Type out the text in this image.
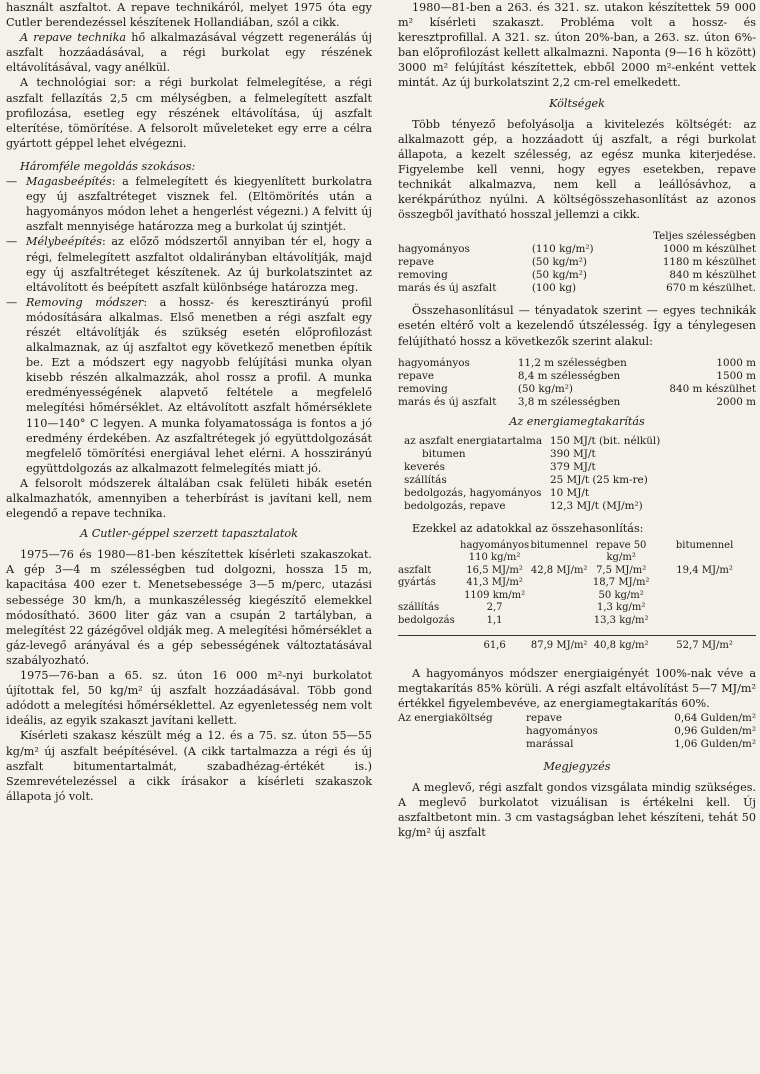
használt aszfaltot. A repave technikáról, melyet 1975 óta egy Cutler berendezéssel készítenek Hollandiában, szól a cikk.

A repave technika hő alkalmazásával végzett regenerálás új aszfalt hozzáadásával, a régi burkolat egy részének eltávolításával, vagy anélkül.

A technológiai sor: a régi burkolat felmelegítése, a régi aszfalt fellazítás 2,5 cm mélységben, a felmelegített aszfalt profilozása, esetleg egy részének eltávolítása, új aszfalt elterítése, tömörítése. A felsorolt műveleteket egy erre a célra gyártott géppel lehet elvégezni.

Háromféle megoldás szokásos:

— Magasbeépítés: a felmelegített és kiegyenlített burkolatra egy új aszfaltréteget visznek fel. (Eltömörítés után a hagyományos módon lehet a hengerlést végezni.) A felvitt új aszfalt mennyisége határozza meg a burkolat új szintjét.

— Mélybeépítés: az előző módszertől annyiban tér el, hogy a régi, felmelegített aszfaltot oldalirányban eltávolítják, majd egy új aszfaltréteget készítenek. Az új burkolatszintet az eltávolított és beépített aszfalt különbsége határozza meg.

— Removing módszer: a hossz- és keresztirányú profil módosítására alkalmas. Első menetben a régi aszfalt egy részét eltávolítják és szükség esetén előprofilozást alkalmaznak, az új aszfaltot egy következő menetben építik be. Ezt a módszert egy nagyobb felújítási munka olyan kisebb részén alkalmazzák, ahol rossz a profil. A munka eredményességének alapvető feltétele a megfelelő melegítési hőmérséklet. Az eltávolított aszfalt hőmérséklete 110—140° C legyen. A munka folyamatossága is fontos a jó eredmény érdekében. Az aszfaltrétegek jó együttdolgozását megfelelő tömörítési energiával lehet elérni. A hosszirányú együttdolgozás az alkalmazott felmelegítés miatt jó.

A felsorolt módszerek általában csak felületi hibák esetén alkalmazhatók, amennyiben a teherbírást is javítani kell, nem elegendő a repave technika.

A Cutler-géppel szerzett tapasztalatok

1975—76 és 1980—81-ben készítettek kísérleti szakaszokat. A gép 3—4 m szélességben tud dolgozni, hossza 15 m, kapacitása 400 ezer t. Menetsebessége 3—5 m/perc, utazási sebessége 30 km/h, a munkaszélesség kiegészítő elemekkel módosítható. 3600 liter gáz van a csupán 2 tartályban, a melegítést 22 gázégővel oldják meg. A melegítési hőmérséklet a gáz-levegő arányával és a gép sebességének változtatásával szabályozható.

1975—76-ban a 65. sz. úton 16 000 m²-nyi burkolatot újítottak fel, 50 kg/m² új aszfalt hozzáadásával. Több gond adódott a melegítési hőmérséklettel. Az egyenletesség nem volt ideális, az egyik szakaszt javítani kellett.

Kísérleti szakasz készült még a 12. és a 75. sz. úton 55—55 kg/m² új aszfalt beépítésével. (A cikk tartalmazza a régi és új aszfalt bitumentartalmát, szabadhézag-értékét is.) Szemrevételezéssel a cikk írásakor a kísérleti szakaszok állapota jó volt.

1980—81-ben a 263. és 321. sz. utakon készítettek 59 000 m² kísérleti szakaszt. Probléma volt a hossz- és keresztprofillal. A 321. sz. úton 20%-ban, a 263. sz. úton 6%-ban előprofilozást kellett alkalmazni. Naponta (9—16 h között) 3000 m² felújítást készítettek, ebből 2000 m²-enként vettek mintát. Az új burkolatszint 2,2 cm-rel emelkedett.

Költségek

Több tényező befolyásolja a kivitelezés költségét: az alkalmazott gép, a hozzáadott új aszfalt, a régi burkolat állapota, a kezelt szélesség, az egész munka kiterjedése. Figyelembe kell venni, hogy egyes esetekben, repave technikát alkalmazva, nem kell a leállósávhoz, a kerékpárúthoz nyúlni. A költségösszehasonlítást az azonos összegből javítható hosszal jellemzi a cikk.

		Teljes szélességben
hagyományos	(110 kg/m²)	1000 m készülhet
repave	(50 kg/m²)	1180 m készülhet
removing	(50 kg/m²)	840 m készülhet
marás és új aszfalt	(100 kg)	670 m készülhet.

Összehasonlításul — tényadatok szerint — egyes technikák esetén eltérő volt a kezelendő útszélesség. Így a ténylegesen felújítható hossz a következők szerint alakul:

hagyományos	11,2 m szélességben	1000 m
repave	8,4 m szélességben	1500 m
removing	(50 kg/m²)	840 m készülhet
marás és új aszfalt	3,8 m szélességben	2000 m

Az energiamegtakarítás

az aszfalt energiatartalma	150 MJ/t (bit. nélkül)
bitumen	390 MJ/t
keverés	379 MJ/t
szállítás	25 MJ/t (25 km-re)
bedolgozás, hagyományos	10 MJ/t
bedolgozás, repave	12,3 MJ/t (MJ/m²)

Ezekkel az adatokkal az összehasonlítás:

	hagyományos 110 kg/m²	bitumennel	repave 50 kg/m²	bitumennel
aszfalt	16,5 MJ/m²	42,8 MJ/m²	7,5 MJ/m²	19,4 MJ/m²
gyártás	41,3 MJ/m²		18,7 MJ/m²	
	1109 km/m²		50 kg/m²	
szállítás	2,7		1,3 kg/m²	
bedolgozás	1,1		13,3 kg/m²	

	61,6	87,9 MJ/m²	40,8 kg/m²	52,7 MJ/m²

A hagyományos módszer energiaigényét 100%-nak véve a megtakarítás 85% körüli. A régi aszfalt eltávolítást 5—7 MJ/m² értékkel figyelembevéve, az energiamegtakarítás 60%.

Az energiaköltség	repave	0,64 Gulden/m²
	hagyományos	0,96 Gulden/m²
	marással	1,06 Gulden/m²

Megjegyzés

A meglevő, régi aszfalt gondos vizsgálata mindig szükséges. A meglevő burkolatot vizuálisan is értékelni kell. Új aszfaltbetont min. 3 cm vastagságban lehet készíteni, tehát 50 kg/m² új aszfalt
